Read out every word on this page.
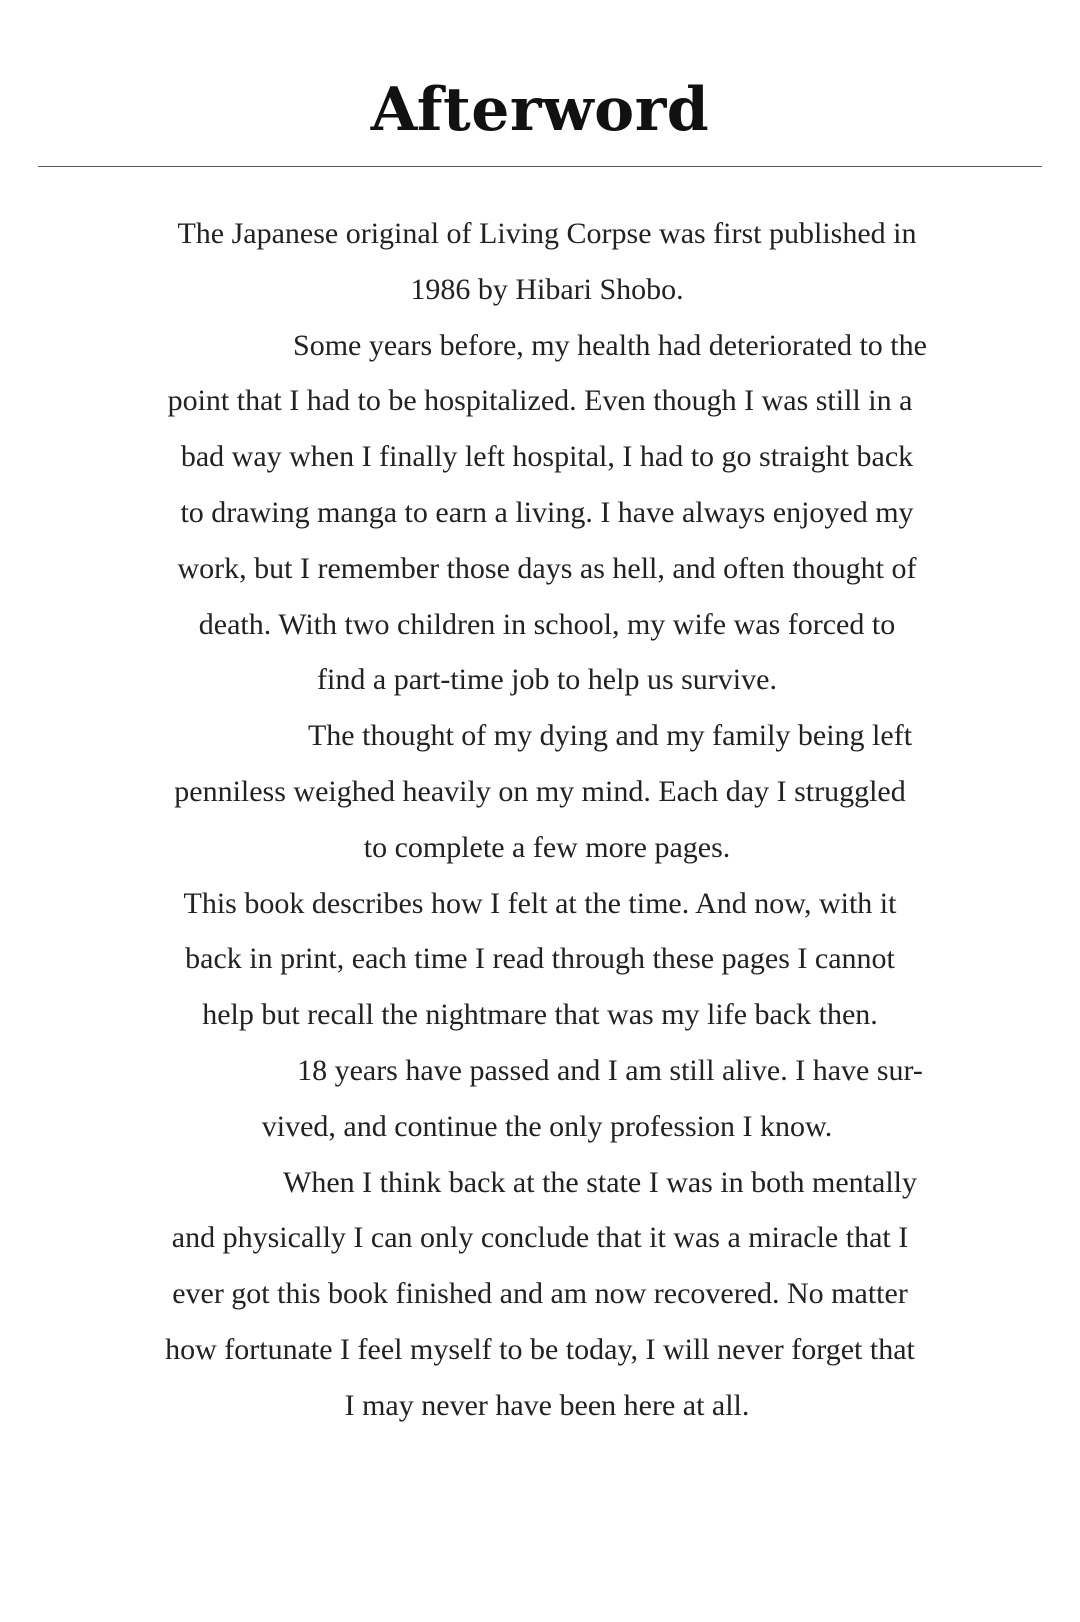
Afterword
The Japanese original of Living Corpse was first published in
1986 by Hibari Shobo.
Some years before, my health had deteriorated to the
point that I had to be hospitalized. Even though I was still in a
bad way when I finally left hospital, I had to go straight back
to drawing manga to earn a living. I have always enjoyed my
work, but I remember those days as hell, and often thought of
death. With two children in school, my wife was forced to
find a part-time job to help us survive.
The thought of my dying and my family being left
penniless weighed heavily on my mind. Each day I struggled
to complete a few more pages.
This book describes how I felt at the time. And now, with it
back in print, each time I read through these pages I cannot
help but recall the nightmare that was my life back then.
18 years have passed and I am still alive. I have sur-
vived, and continue the only profession I know.
When I think back at the state I was in both mentally
and physically I can only conclude that it was a miracle that I
ever got this book finished and am now recovered. No matter
how fortunate I feel myself to be today, I will never forget that
I may never have been here at all.
